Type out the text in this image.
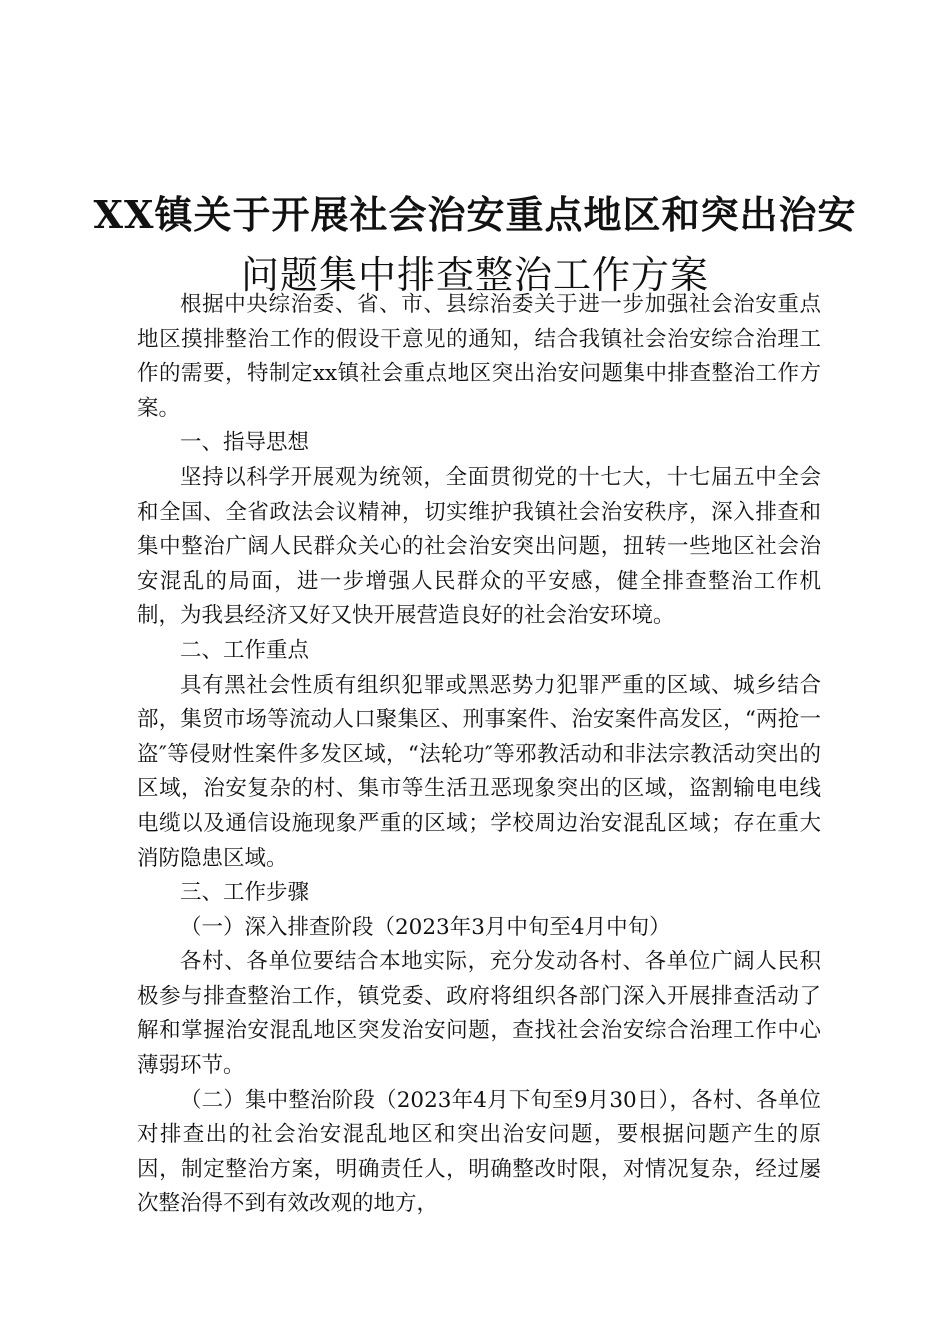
XX镇关于开展社会治安重点地区和突出治安
问题集中排查整治工作方案

根据中央综治委、省、市、县综治委关于进一步加强社会治安重点地区摸排整治工作的假设干意见的通知，结合我镇社会治安综合治理工作的需要，特制定xx镇社会重点地区突出治安问题集中排查整治工作方案。

一、指导思想

坚持以科学开展观为统领，全面贯彻党的十七大，十七届五中全会和全国、全省政法会议精神，切实维护我镇社会治安秩序，深入排查和集中整治广阔人民群众关心的社会治安突出问题，扭转一些地区社会治安混乱的局面，进一步增强人民群众的平安感，健全排查整治工作机制，为我县经济又好又快开展营造良好的社会治安环境。

二、工作重点

具有黑社会性质有组织犯罪或黑恶势力犯罪严重的区域、城乡结合部，集贸市场等流动人口聚集区、刑事案件、治安案件高发区，“两抢一盗″等侵财性案件多发区域，“法轮功″等邪教活动和非法宗教活动突出的区域，治安复杂的村、集市等生活丑恶现象突出的区域，盗割输电电线电缆以及通信设施现象严重的区域；学校周边治安混乱区域；存在重大消防隐患区域。

三、工作步骤

（一）深入排查阶段（2023年3月中旬至4月中旬）

各村、各单位要结合本地实际，充分发动各村、各单位广阔人民积极参与排查整治工作，镇党委、政府将组织各部门深入开展排查活动了解和掌握治安混乱地区突发治安问题，查找社会治安综合治理工作中心薄弱环节。

（二）集中整治阶段（2023年4月下旬至9月30日），各村、各单位对排查出的社会治安混乱地区和突出治安问题，要根据问题产生的原因，制定整治方案，明确责任人，明确整改时限，对情况复杂，经过屡次整治得不到有效改观的地方，
